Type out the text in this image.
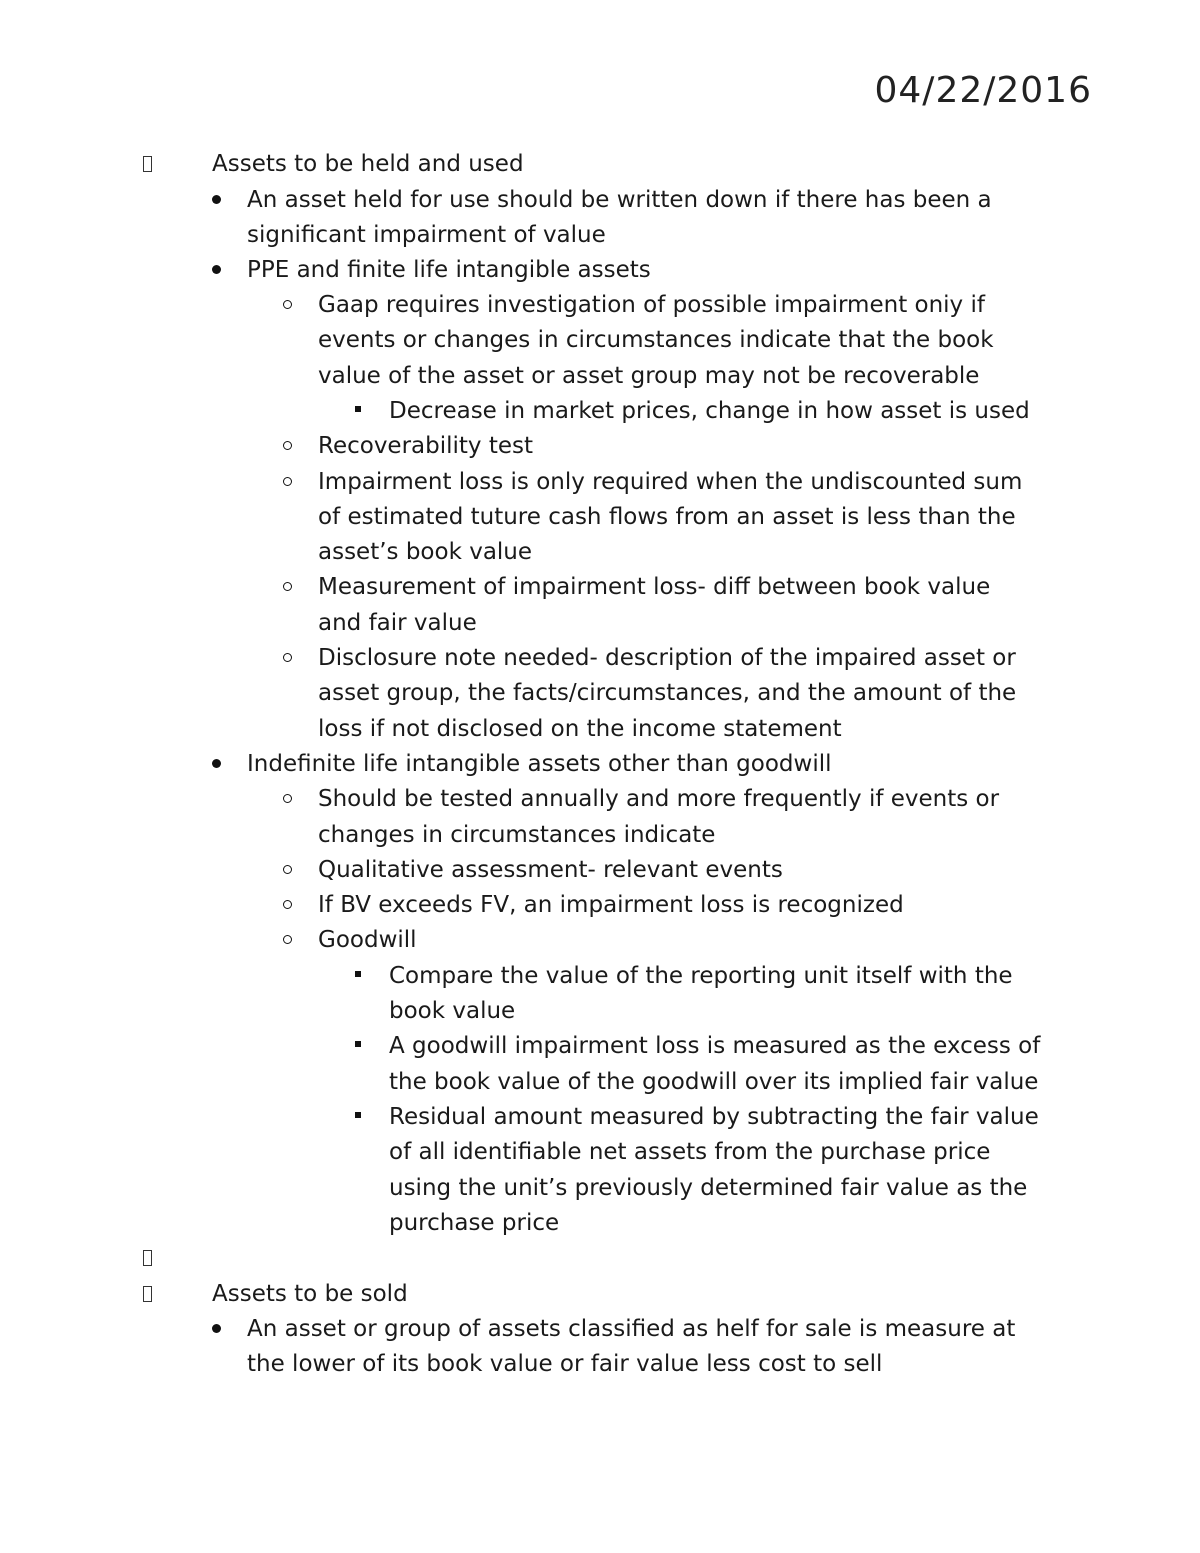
04/22/2016
Assets to be held and used
An asset held for use should be written down if there has been a
significant impairment of value
PPE and finite life intangible assets
Gaap requires investigation of possible impairment oniy if
events or changes in circumstances indicate that the book
value of the asset or asset group may not be recoverable
Decrease in market prices, change in how asset is used
Recoverability test
Impairment loss is only required when the undiscounted sum
of estimated tuture cash flows from an asset is less than the
asset’s book value
Measurement of impairment loss- diff between book value
and fair value
Disclosure note needed- description of the impaired asset or
asset group, the facts/circumstances, and the amount of the
loss if not disclosed on the income statement
Indefinite life intangible assets other than goodwill
Should be tested annually and more frequently if events or
changes in circumstances indicate
Qualitative assessment- relevant events
If BV exceeds FV, an impairment loss is recognized
Goodwill
Compare the value of the reporting unit itself with the
book value
A goodwill impairment loss is measured as the excess of
the book value of the goodwill over its implied fair value
Residual amount measured by subtracting the fair value
of all identifiable net assets from the purchase price
using the unit’s previously determined fair value as the
purchase price
Assets to be sold
An asset or group of assets classified as helf for sale is measure at
the lower of its book value or fair value less cost to sell
